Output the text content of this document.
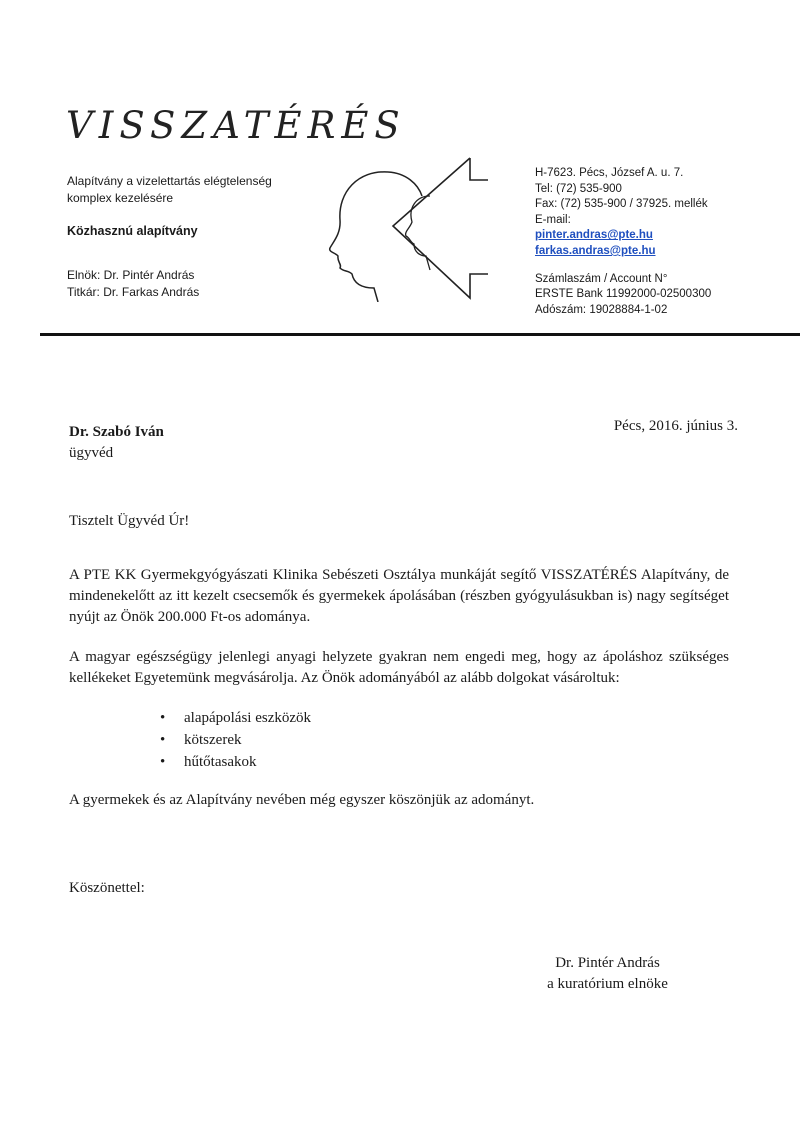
VISSZATÉRÉS

Alapítvány a vizelettartás elégtelenség komplex kezelésére

Közhasznú alapítvány
Elnök: Dr. Pintér András
Titkár: Dr. Farkas András
H-7623. Pécs, József A. u. 7.
Tel: (72) 535-900
Fax: (72) 535-900 / 37925. mellék
E-mail:
pinter.andras@pte.hu
farkas.andras@pte.hu
Számlaszám / Account N°
ERSTE Bank 11992000-02500300
Adószám: 19028884-1-02
Dr. Szabó Iván
ügyvéd
Pécs, 2016. június 3.
Tisztelt Ügyvéd Úr!

A PTE KK Gyermekgyógyászati Klinika Sebészeti Osztálya munkáját segítő VISSZATÉRÉS Alapítvány, de mindenekelőtt az itt kezelt csecsemők és gyermekek ápolásában (részben gyógyulásukban is) nagy segítséget nyújt az Önök 200.000 Ft-os adománya.

A magyar egészségügy jelenlegi anyagi helyzete gyakran nem engedi meg, hogy az ápoláshoz szükséges kellékeket Egyetemünk megvásárolja. Az Önök adományából az alább dolgokat vásároltuk:

• alapápolási eszközök
• kötszerek
• hűtőtasakok

A gyermekek és az Alapítvány nevében még egyszer köszönjük az adományt.

Köszönettel:
Dr. Pintér András
a kuratórium elnöke
